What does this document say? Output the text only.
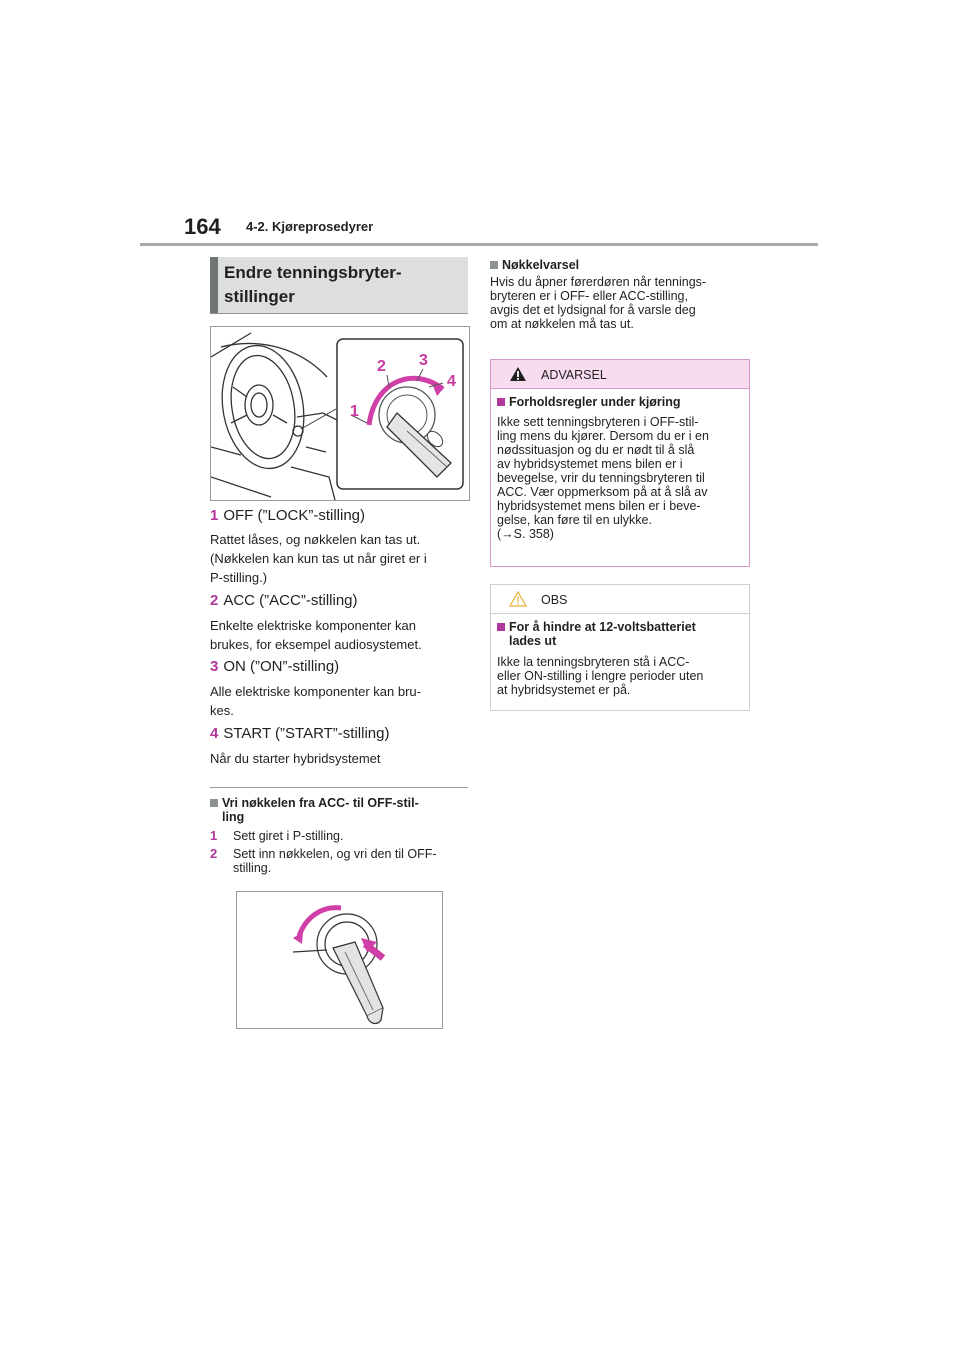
164 4-2. Kjøreprosedyrer
Endre tenningsbryter-
stillinger
1
2 3
4
1 OFF (”LOCK”-stilling)
Rattet låses, og nøkkelen kan tas ut.
(Nøkkelen kan kun tas ut når giret er i
P-stilling.)
2 ACC (”ACC”-stilling)
Enkelte elektriske komponenter kan
brukes, for eksempel audiosystemet.
3 ON (”ON”-stilling)
Alle elektriske komponenter kan bru-
kes.
4 START (”START”-stilling)
Når du starter hybridsystemet
Vri nøkkelen fra ACC- til OFF-stil-
ling
1	Sett giret i P-stilling.
2	Sett inn nøkkelen, og vri den til OFF-
stilling.
Nøkkelvarsel
Hvis du åpner førerdøren når tennings-
bryteren er i OFF- eller ACC-stilling,
avgis det et lydsignal for å varsle deg
om at nøkkelen må tas ut.
ADVARSEL
Forholdsregler under kjøring
Ikke sett tenningsbryteren i OFF-stil-
ling mens du kjører. Dersom du er i en
nødssituasjon og du er nødt til å slå
av hybridsystemet mens bilen er i
bevegelse, vrir du tenningsbryteren til
ACC. Vær oppmerksom på at å slå av
hybridsystemet mens bilen er i beve-
gelse, kan føre til en ulykke.
(→S. 358)
OBS
For å hindre at 12-voltsbatteriet
lades ut
Ikke la tenningsbryteren stå i ACC-
eller ON-stilling i lengre perioder uten
at hybridsystemet er på.
